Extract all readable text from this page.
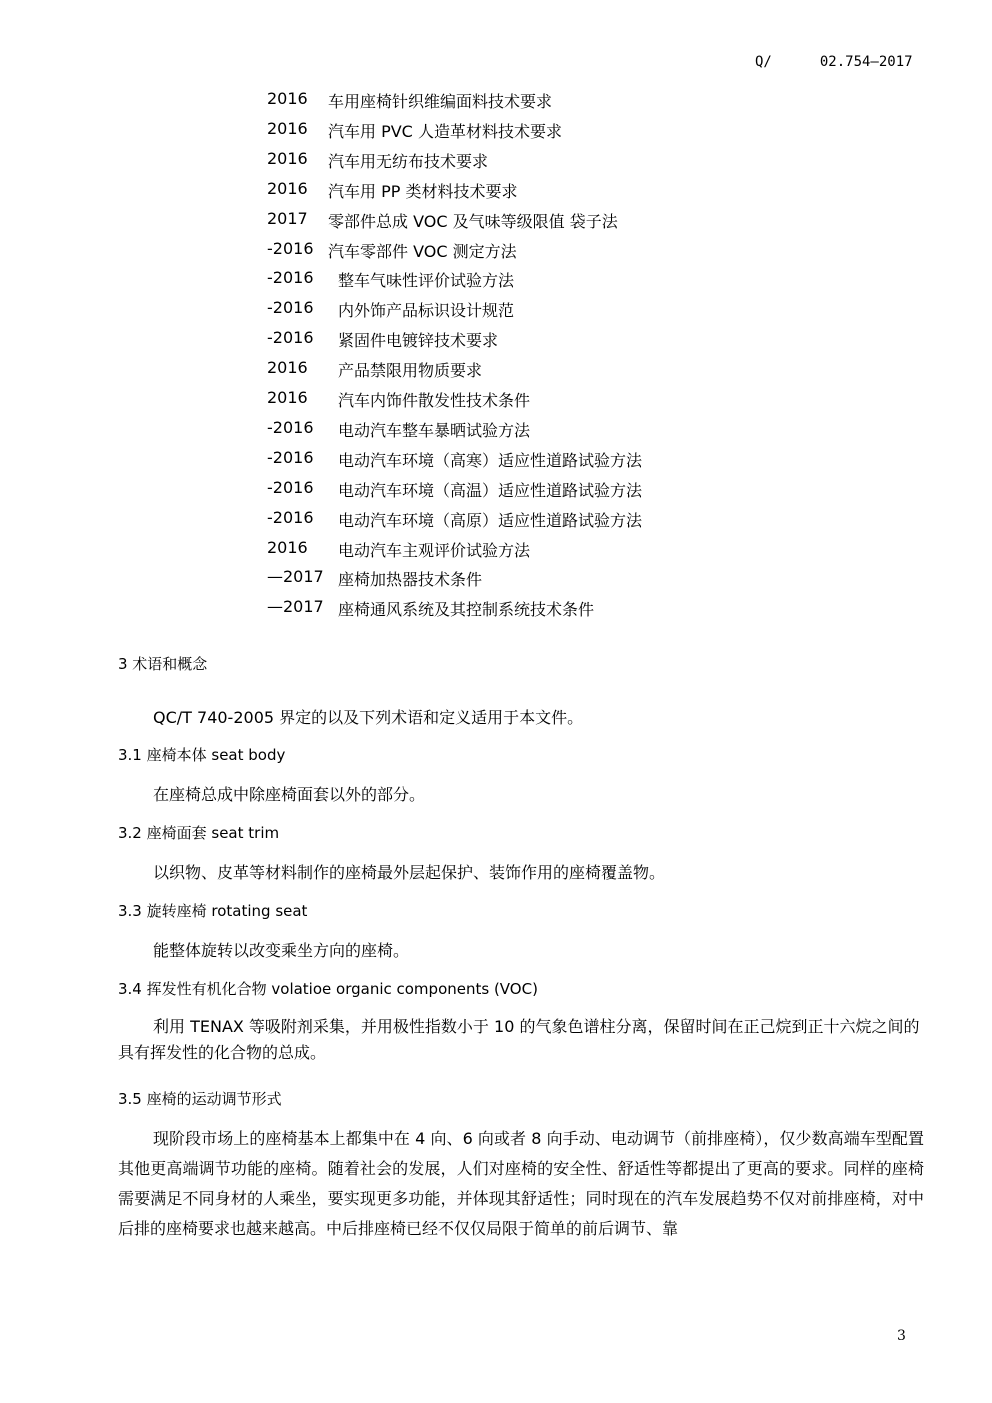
Q/	02.754—2017
2016 车用座椅针织维编面料技术要求
2016 汽车用 PVC 人造革材料技术要求
2016 汽车用无纺布技术要求
2016 汽车用 PP 类材料技术要求
2017 零部件总成 VOC 及气味等级限值 袋子法
-2016 汽车零部件 VOC 测定方法
-2016 整车气味性评价试验方法
-2016 内外饰产品标识设计规范
-2016 紧固件电镀锌技术要求
2016 产品禁限用物质要求
2016 汽车内饰件散发性技术条件
-2016 电动汽车整车暴晒试验方法
-2016 电动汽车环境（高寒）适应性道路试验方法
-2016 电动汽车环境（高温）适应性道路试验方法
-2016 电动汽车环境（高原）适应性道路试验方法
2016 电动汽车主观评价试验方法
—2017 座椅加热器技术条件
—2017 座椅通风系统及其控制系统技术条件
3 术语和概念
QC/T 740-2005 界定的以及下列术语和定义适用于本文件。
3.1 座椅本体 seat body
在座椅总成中除座椅面套以外的部分。
3.2 座椅面套 seat trim
以织物、皮革等材料制作的座椅最外层起保护、装饰作用的座椅覆盖物。
3.3 旋转座椅 rotating seat
能整体旋转以改变乘坐方向的座椅。
3.4 挥发性有机化合物 volatioe organic components (VOC)
利用 TENAX 等吸附剂采集，并用极性指数小于 10 的气象色谱柱分离，保留时间在正己烷到正十六烷之间的具有挥发性的化合物的总成。
3.5 座椅的运动调节形式
现阶段市场上的座椅基本上都集中在 4 向、6 向或者 8 向手动、电动调节（前排座椅），仅少数高端车型配置其他更高端调节功能的座椅。随着社会的发展，人们对座椅的安全性、舒适性等都提出了更高的要求。同样的座椅需要满足不同身材的人乘坐，要实现更多功能，并体现其舒适性；同时现在的汽车发展趋势不仅对前排座椅，对中后排的座椅要求也越来越高。中后排座椅已经不仅仅局限于简单的前后调节、靠
3
